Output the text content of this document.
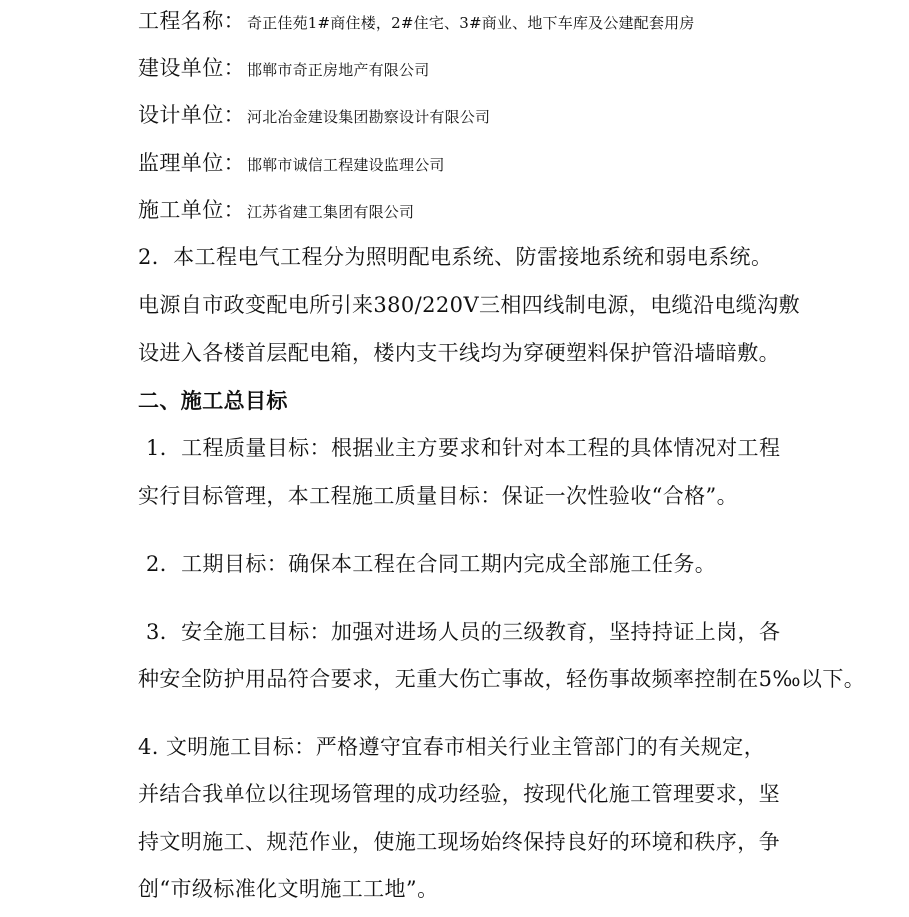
工程名称： 奇正佳苑1#商住楼，2#住宅、3#商业、地下车库及公建配套用房
建设单位： 邯郸市奇正房地产有限公司
设计单位： 河北冶金建设集团勘察设计有限公司
监理单位： 邯郸市诚信工程建设监理公司
施工单位： 江苏省建工集团有限公司
2．本工程电气工程分为照明配电系统、防雷接地系统和弱电系统。
电源自市政变配电所引来380/220V三相四线制电源，电缆沿电缆沟敷
设进入各楼首层配电箱，楼内支干线均为穿硬塑料保护管沿墙暗敷。
二、施工总目标
1．工程质量目标：根据业主方要求和针对本工程的具体情况对工程
实行目标管理，本工程施工质量目标：保证一次性验收“合格”。
2．工期目标：确保本工程在合同工期内完成全部施工任务。
3．安全施工目标：加强对进场人员的三级教育，坚持持证上岗，各
种安全防护用品符合要求，无重大伤亡事故，轻伤事故频率控制在5‰以下。
4. 文明施工目标：严格遵守宜春市相关行业主管部门的有关规定，
并结合我单位以往现场管理的成功经验，按现代化施工管理要求，坚
持文明施工、规范作业，使施工现场始终保持良好的环境和秩序，争
创“市级标准化文明施工工地”。
